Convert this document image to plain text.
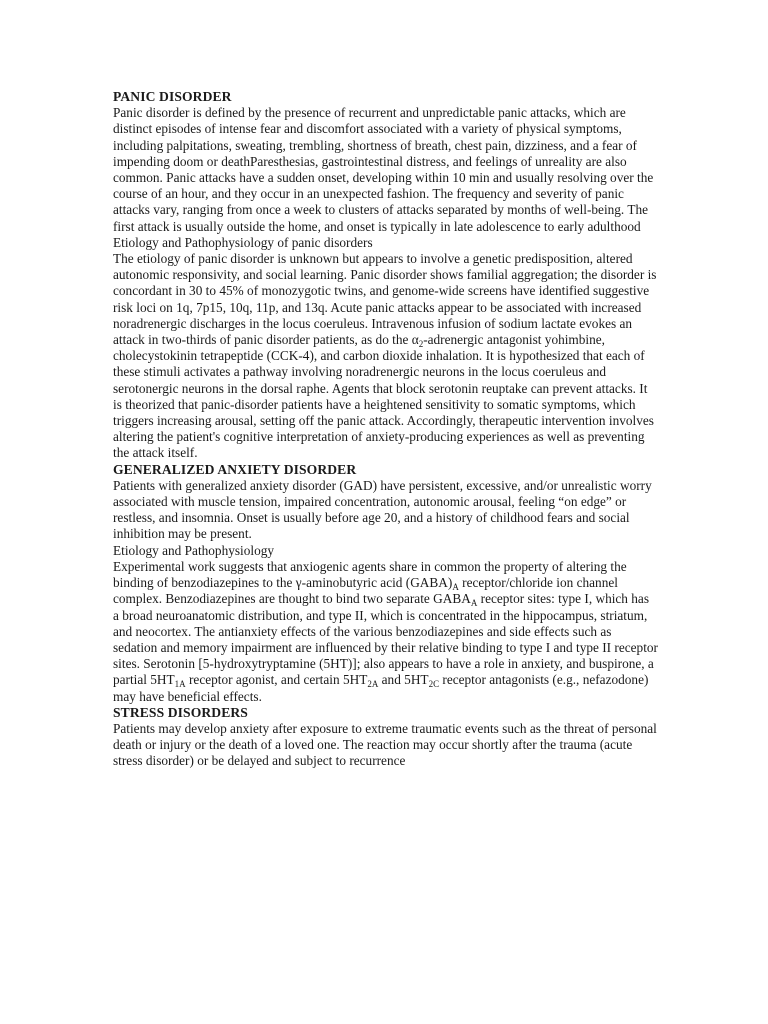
PANIC DISORDER

Panic disorder is defined by the presence of recurrent and unpredictable panic attacks, which are distinct episodes of intense fear and discomfort associated with a variety of physical symptoms, including palpitations, sweating, trembling, shortness of breath, chest pain, dizziness, and a fear of impending doom or deathParesthesias, gastrointestinal distress, and feelings of unreality are also common. Panic attacks have a sudden onset, developing within 10 min and usually resolving over the course of an hour, and they occur in an unexpected fashion. The frequency and severity of panic attacks vary, ranging from once a week to clusters of attacks separated by months of well-being. The first attack is usually outside the home, and onset is typically in late adolescence to early adulthood

Etiology and Pathophysiology of panic disorders

The etiology of panic disorder is unknown but appears to involve a genetic predisposition, altered autonomic responsivity, and social learning. Panic disorder shows familial aggregation; the disorder is concordant in 30 to 45% of monozygotic twins, and genome-wide screens have identified suggestive risk loci on 1q, 7p15, 10q, 11p, and 13q. Acute panic attacks appear to be associated with increased noradrenergic discharges in the locus coeruleus. Intravenous infusion of sodium lactate evokes an attack in two-thirds of panic disorder patients, as do the $\alpha_2$-adrenergic antagonist yohimbine, cholecystokinin tetrapeptide (CCK-4), and carbon dioxide inhalation. It is hypothesized that each of these stimuli activates a pathway involving noradrenergic neurons in the locus coeruleus and serotonergic neurons in the dorsal raphe. Agents that block serotonin reuptake can prevent attacks. It is theorized that panic-disorder patients have a heightened sensitivity to somatic symptoms, which triggers increasing arousal, setting off the panic attack. Accordingly, therapeutic intervention involves altering the patient's cognitive interpretation of anxiety-producing experiences as well as preventing the attack itself.

GENERALIZED ANXIETY DISORDER

Patients with generalized anxiety disorder (GAD) have persistent, excessive, and/or unrealistic worry associated with muscle tension, impaired concentration, autonomic arousal, feeling “on edge” or restless, and insomnia. Onset is usually before age 20, and a history of childhood fears and social inhibition may be present.

Etiology and Pathophysiology

Experimental work suggests that anxiogenic agents share in common the property of altering the binding of benzodiazepines to the γ-aminobutyric acid $(GABA)_A$ receptor/chloride ion channel complex. Benzodiazepines are thought to bind two separate $GABA_A$ receptor sites: type I, which has a broad neuroanatomic distribution, and type II, which is concentrated in the hippocampus, striatum, and neocortex. The antianxiety effects of the various benzodiazepines and side effects such as sedation and memory impairment are influenced by their relative binding to type I and type II receptor sites. Serotonin [5-hydroxytryptamine (5HT)]; also appears to have a role in anxiety, and buspirone, a partial $5HT_{1A}$ receptor agonist, and certain $5HT_{2A}$ and $5HT_{2C}$ receptor antagonists (e.g., nefazodone) may have beneficial effects.

STRESS DISORDERS

Patients may develop anxiety after exposure to extreme traumatic events such as the threat of personal death or injury or the death of a loved one. The reaction may occur shortly after the trauma (acute stress disorder) or be delayed and subject to recurrence
